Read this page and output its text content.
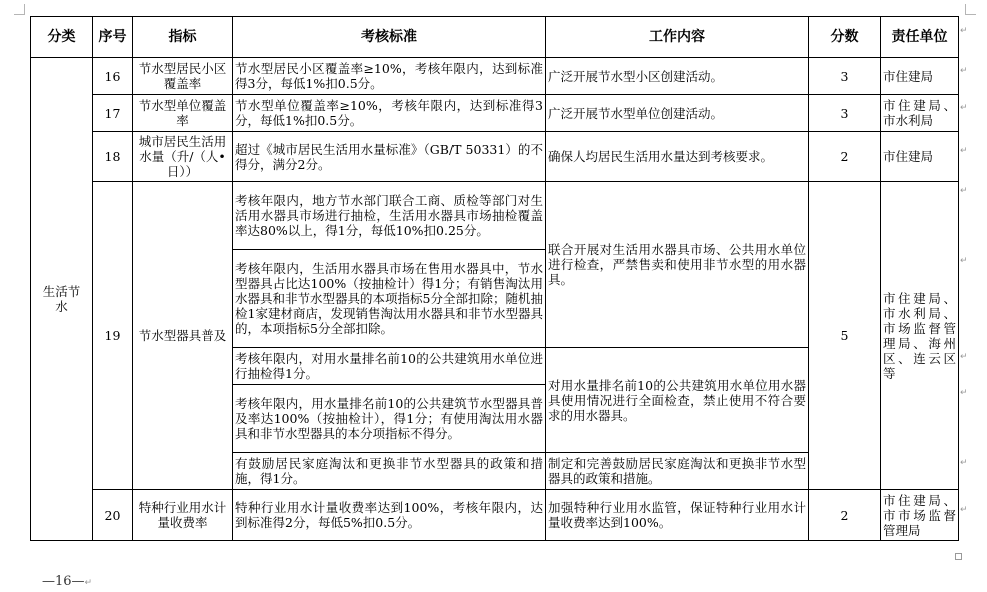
分类	序号	指标	考核标准	工作内容	分数	责任单位
生活节水	16	节水型居民小区覆盖率	节水型居民小区覆盖率≥10%，考核年限内，达到标准得3分，每低1%扣0.5分。	广泛开展节水型小区创建活动。	3	市住建局
	17	节水型单位覆盖率	节水型单位覆盖率≥10%，考核年限内，达到标准得3分，每低1%扣0.5分。	广泛开展节水型单位创建活动。	3	市住建局、市水利局
	18	城市居民生活用水量（升/（人•日））	超过《城市居民生活用水量标准》（GB/T 50331）的不得分，满分2分。	确保人均居民生活用水量达到考核要求。	2	市住建局
	19	节水型器具普及	考核年限内，地方节水部门联合工商、质检等部门对生活用水器具市场进行抽检，生活用水器具市场抽检覆盖率达80%以上，得1分，每低10%扣0.25分。	联合开展对生活用水器具市场、公共用水单位进行检查，严禁售卖和使用非节水型的用水器具。	5	市住建局、市水利局、市场监督管理局、海州区、连云区等
			考核年限内，生活用水器具市场在售用水器具中，节水型器具占比达100%（按抽检计）得1分；有销售淘汰用水器具和非节水型器具的本项指标5分全部扣除；随机抽检1家建材商店，发现销售淘汰用水器具和非节水型器具的，本项指标5分全部扣除。			
			考核年限内，对用水量排名前10的公共建筑用水单位进行抽检得1分。	对用水量排名前10的公共建筑用水单位用水器具使用情况进行全面检查，禁止使用不符合要求的用水器具。		
			考核年限内，用水量排名前10的公共建筑节水型器具普及率达100%（按抽检计），得1分；有使用淘汰用水器具和非节水型器具的本分项指标不得分。			
			有鼓励居民家庭淘汰和更换非节水型器具的政策和措施，得1分。	制定和完善鼓励居民家庭淘汰和更换非节水型器具的政策和措施。		
	20	特种行业用水计量收费率	特种行业用水计量收费率达到100%，考核年限内，达到标准得2分，每低5%扣0.5分。	加强特种行业用水监管，保证特种行业用水计量收费率达到100%。	2	市住建局、市市场监督管理局
↵
↵
↵
↵
↵
↵
↵
↵
↵
↵
—16—↵
